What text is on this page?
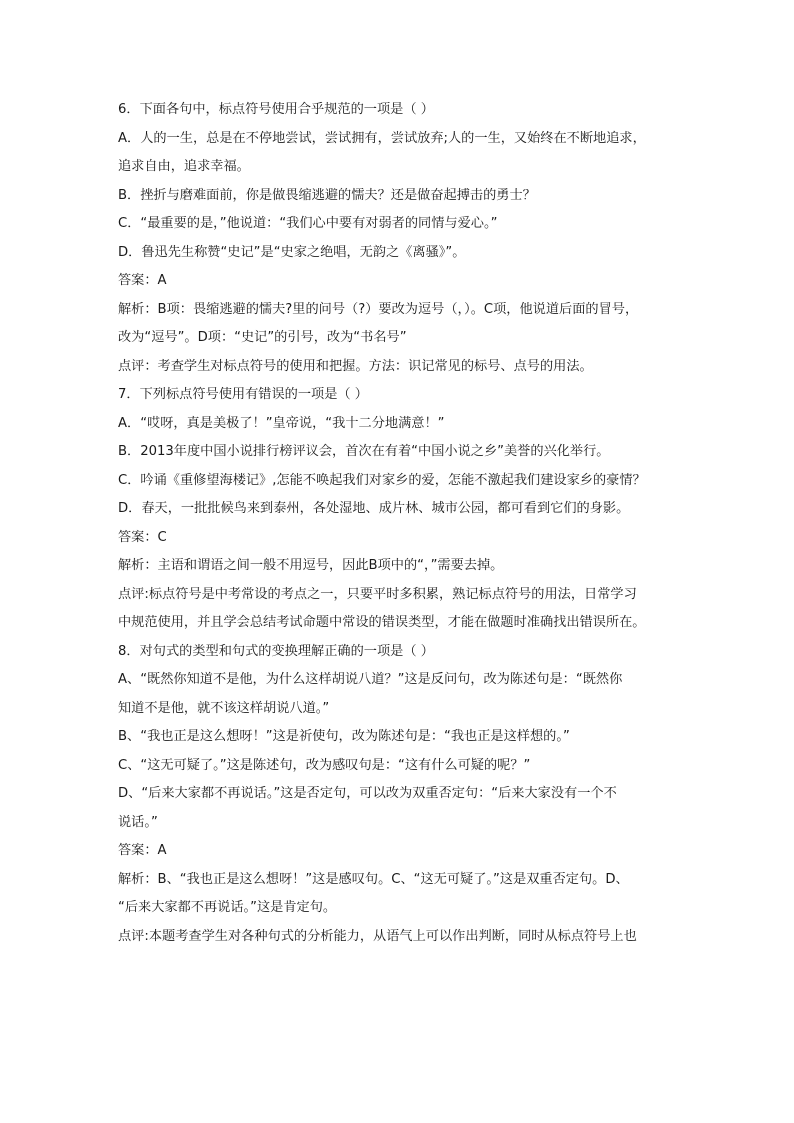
6．下面各句中，标点符号使用合乎规范的一项是（ ）
A．人的一生，总是在不停地尝试，尝试拥有，尝试放弃;人的一生，又始终在不断地追求，
追求自由，追求幸福。
B．挫折与磨难面前，你是做畏缩逃避的懦夫？还是做奋起搏击的勇士？
C．“最重要的是，”他说道：“我们心中要有对弱者的同情与爱心。”
D．鲁迅先生称赞“史记”是“史家之绝唱，无韵之《离骚》”。
答案：A
解析：B项：畏缩逃避的懦夫?里的问号（?）要改为逗号（，）。C项，他说道后面的冒号，
改为“逗号”。D项：“史记”的引号，改为“书名号”
点评：考查学生对标点符号的使用和把握。方法：识记常见的标号、点号的用法。
7．下列标点符号使用有错误的一项是（ ）
A．“哎呀，真是美极了！”皇帝说，“我十二分地满意！”
B．2013年度中国小说排行榜评议会，首次在有着“中国小说之乡”美誉的兴化举行。
C．吟诵《重修望海楼记》,怎能不唤起我们对家乡的爱，怎能不激起我们建设家乡的豪情？
D．春天，一批批候鸟来到泰州，各处湿地、成片林、城市公园，都可看到它们的身影。
答案：C
解析：主语和谓语之间一般不用逗号，因此B项中的“，”需要去掉。
点评:标点符号是中考常设的考点之一，只要平时多积累，熟记标点符号的用法，日常学习
中规范使用，并且学会总结考试命题中常设的错误类型，才能在做题时准确找出错误所在。
8．对句式的类型和句式的变换理解正确的一项是（ ）
A、“既然你知道不是他，为什么这样胡说八道？”这是反问句，改为陈述句是：“既然你
知道不是他，就不该这样胡说八道。”
B、“我也正是这么想呀！”这是祈使句，改为陈述句是：“我也正是这样想的。”
C、“这无可疑了。”这是陈述句，改为感叹句是：“这有什么可疑的呢？”
D、“后来大家都不再说话。”这是否定句，可以改为双重否定句：“后来大家没有一个不
说话。”
答案：A
解析：B、“我也正是这么想呀！”这是感叹句。C、“这无可疑了。”这是双重否定句。D、
“后来大家都不再说话。”这是肯定句。
点评:本题考查学生对各种句式的分析能力，从语气上可以作出判断，同时从标点符号上也
